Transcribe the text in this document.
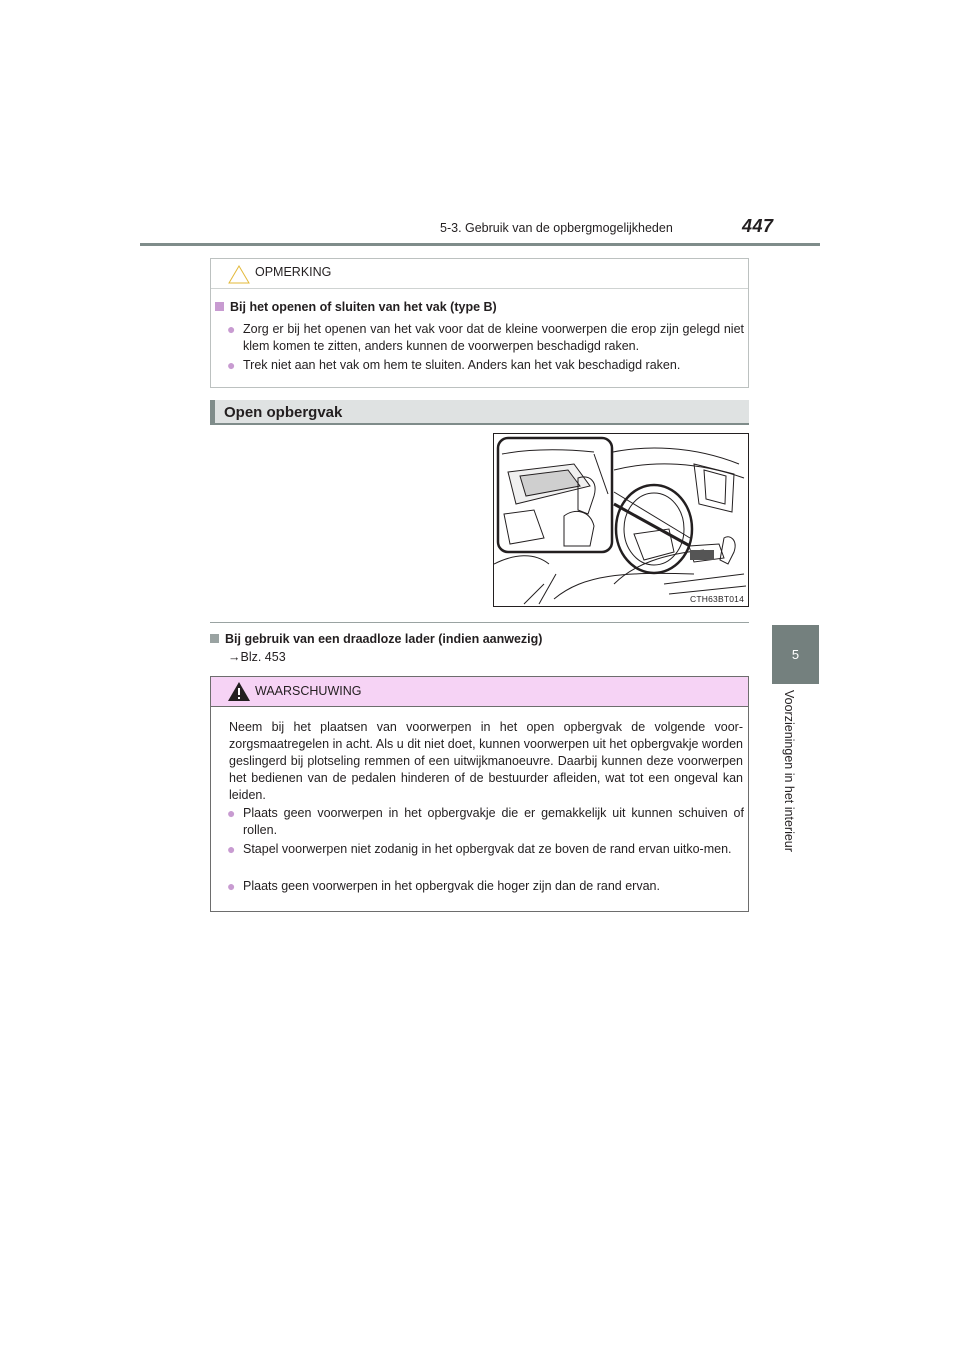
5-3. Gebruik van de opbergmogelijkheden	447
5
Voorzieningen in het interieur
OPMERKING
Bij het openen of sluiten van het vak (type B)
● Zorg er bij het openen van het vak voor dat de kleine voorwerpen die erop zijn gelegd niet klem komen te zitten, anders kunnen de voorwerpen beschadigd raken.
● Trek niet aan het vak om hem te sluiten. Anders kan het vak beschadigd raken.
Open opbergvak
CTH63BT014
Bij gebruik van een draadloze lader (indien aanwezig)
→Blz. 453
WAARSCHUWING
Neem bij het plaatsen van voorwerpen in het open opbergvak de volgende voor-zorgsmaatregelen in acht. Als u dit niet doet, kunnen voorwerpen uit het opbergvakje worden geslingerd bij plotseling remmen of een uitwijkmanoeuvre. Daarbij kunnen deze voorwerpen het bedienen van de pedalen hinderen of de bestuurder afleiden, wat tot een ongeval kan leiden.
● Plaats geen voorwerpen in het opbergvakje die er gemakkelijk uit kunnen schuiven of rollen.
● Stapel voorwerpen niet zodanig in het opbergvak dat ze boven de rand ervan uitko-men.
● Plaats geen voorwerpen in het opbergvak die hoger zijn dan de rand ervan.
